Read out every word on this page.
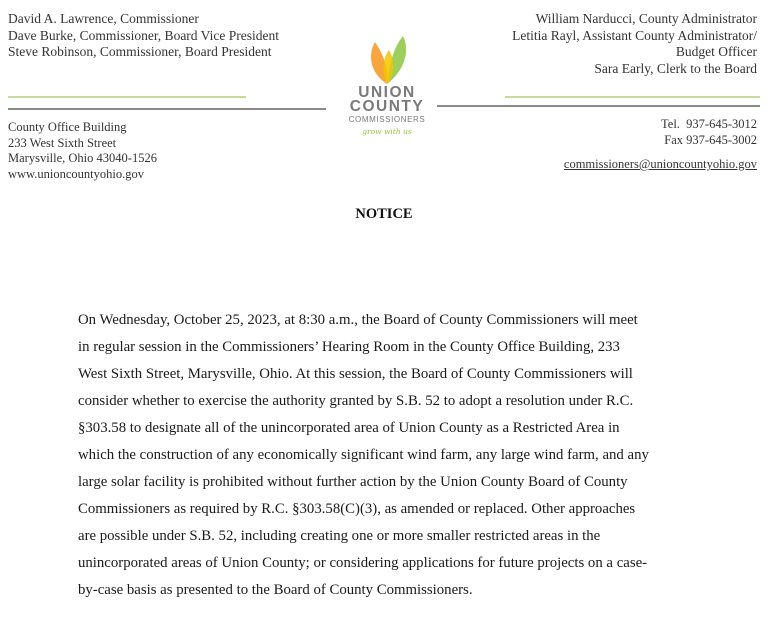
David A. Lawrence, Commissioner
Dave Burke, Commissioner, Board Vice President
Steve Robinson, Commissioner, Board President
William Narducci, County Administrator
Letitia Rayl, Assistant County Administrator/
Budget Officer
Sara Early, Clerk to the Board
UNION
COUNTY
COMMISSIONERS
grow with us
County Office Building
233 West Sixth Street
Marysville, Ohio 43040-1526
www.unioncountyohio.gov
Tel.  937-645-3012
Fax 937-645-3002
commissioners@unioncountyohio.gov
NOTICE
On Wednesday, October 25, 2023, at 8:30 a.m., the Board of County Commissioners will meet
in regular session in the Commissioners’ Hearing Room in the County Office Building, 233
West Sixth Street, Marysville, Ohio. At this session, the Board of County Commissioners will
consider whether to exercise the authority granted by S.B. 52 to adopt a resolution under R.C.
§303.58 to designate all of the unincorporated area of Union County as a Restricted Area in
which the construction of any economically significant wind farm, any large wind farm, and any
large solar facility is prohibited without further action by the Union County Board of County
Commissioners as required by R.C. §303.58(C)(3), as amended or replaced. Other approaches
are possible under S.B. 52, including creating one or more smaller restricted areas in the
unincorporated areas of Union County; or considering applications for future projects on a case-
by-case basis as presented to the Board of County Commissioners.
